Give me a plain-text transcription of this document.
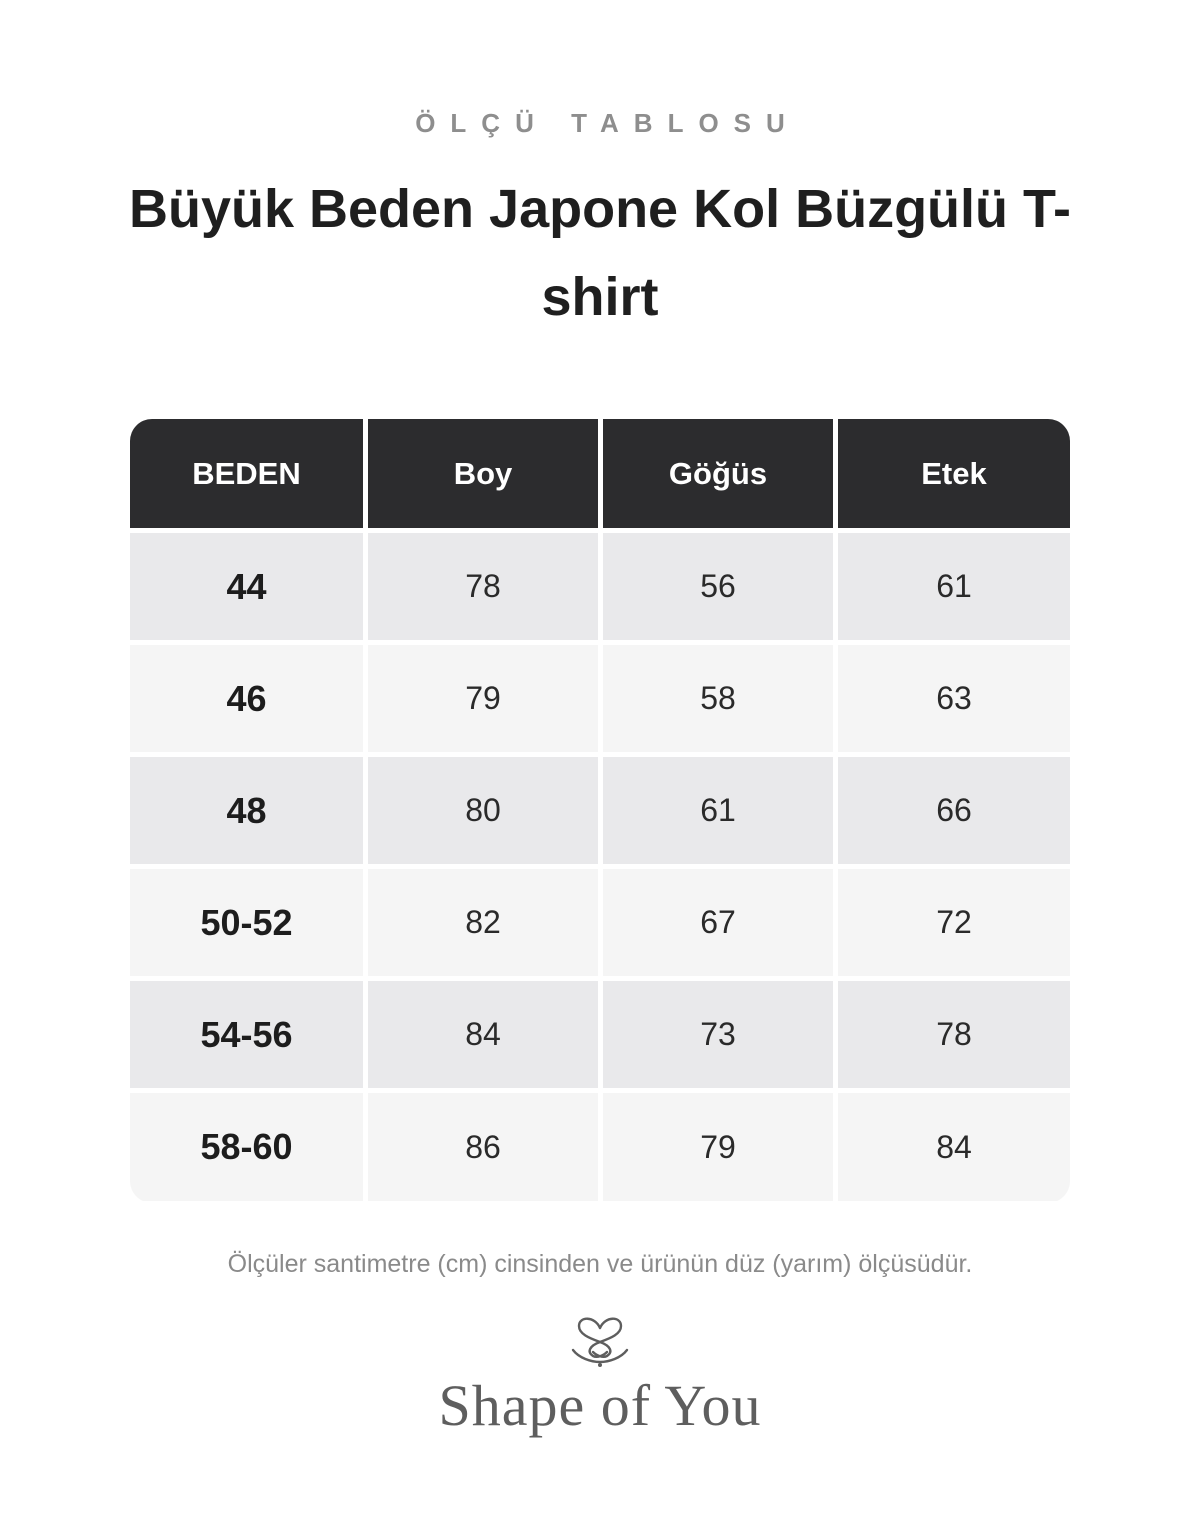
ÖLÇÜ TABLOSU
Büyük Beden Japone Kol Büzgülü T-shirt
BEDEN	Boy	Göğüs	Etek
44	78	56	61
46	79	58	63
48	80	61	66
50-52	82	67	72
54-56	84	73	78
58-60	86	79	84
Ölçüler santimetre (cm) cinsinden ve ürünün düz (yarım) ölçüsüdür.
Shape of You
